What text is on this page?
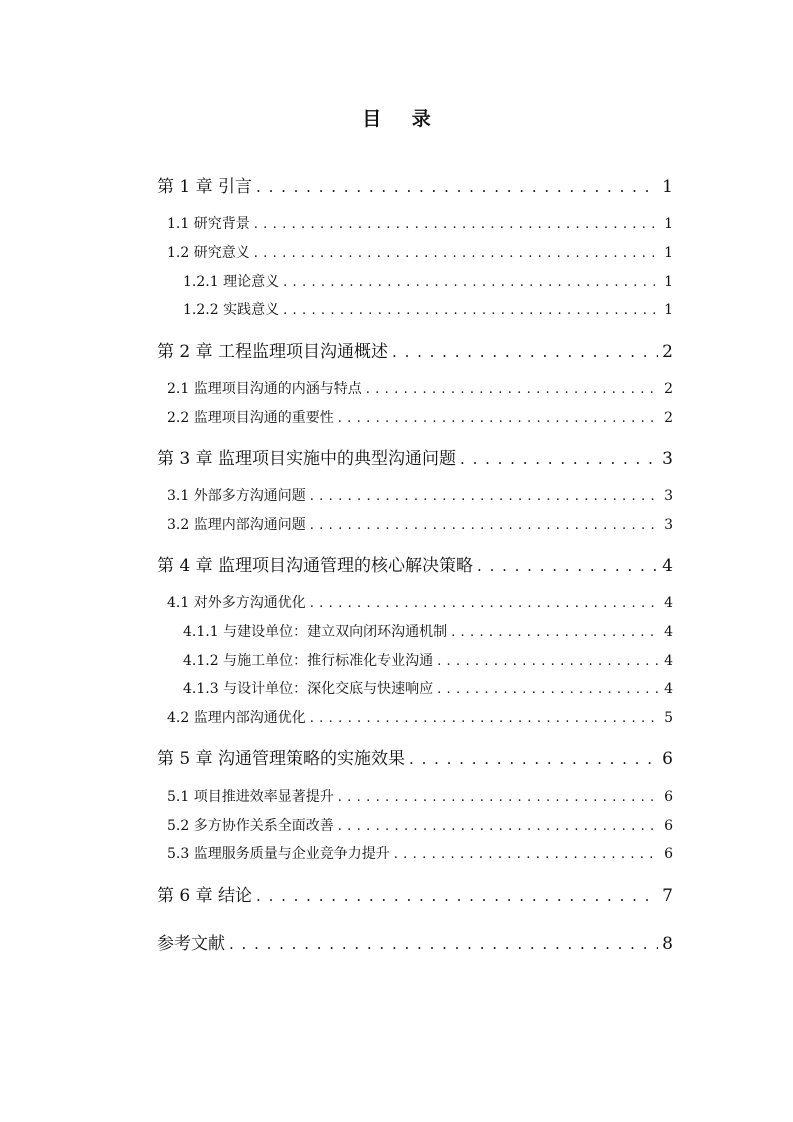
目 录
第 1 章 引言 . . .	1
1.1 研究背景 . . .	1
1.2 研究意义 . . .	1
1.2.1 理论意义 . . .	1
1.2.2 实践意义 . . .	1
第 2 章 工程监理项目沟通概述 . . .	2
2.1 监理项目沟通的内涵与特点 . . .	2
2.2 监理项目沟通的重要性 . . .	2
第 3 章 监理项目实施中的典型沟通问题 . . .	3
3.1 外部多方沟通问题 . . .	3
3.2 监理内部沟通问题 . . .	3
第 4 章 监理项目沟通管理的核心解决策略 . . .	4
4.1 对外多方沟通优化 . . .	4
4.1.1 与建设单位：建立双向闭环沟通机制 . . .	4
4.1.2 与施工单位：推行标准化专业沟通 . . .	4
4.1.3 与设计单位：深化交底与快速响应 . . .	4
4.2 监理内部沟通优化 . . .	5
第 5 章 沟通管理策略的实施效果 . . .	6
5.1 项目推进效率显著提升 . . .	6
5.2 多方协作关系全面改善 . . .	6
5.3 监理服务质量与企业竞争力提升 . . .	6
第 6 章 结论 . . .	7
参考文献 . . .	8
